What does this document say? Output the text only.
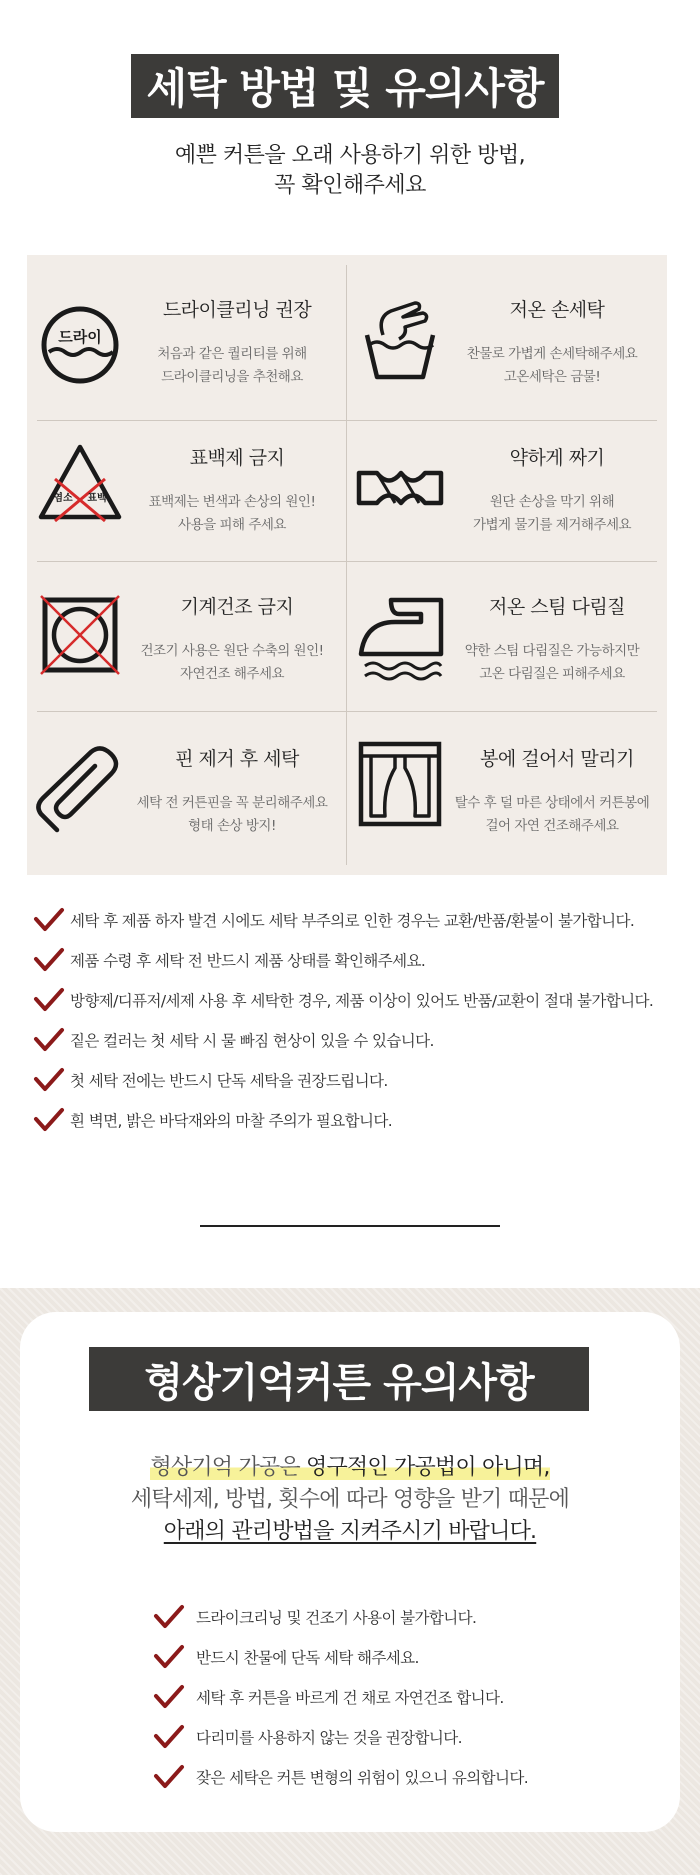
세탁 방법 및 유의사항
예쁜 커튼을 오래 사용하기 위한 방법,
꼭 확인해주세요
드라이
드라이클리닝 권장
처음과 같은 퀄리티를 위해
드라이클리닝을 추천해요
저온 손세탁
찬물로 가볍게 손세탁해주세요
고온세탁은 금물!
염소 표백
표백제 금지
표백제는 변색과 손상의 원인!
사용을 피해 주세요
약하게 짜기
원단 손상을 막기 위해
가볍게 물기를 제거해주세요
기계건조 금지
건조기 사용은 원단 수축의 원인!
자연건조 해주세요
저온 스팀 다림질
약한 스팀 다림질은 가능하지만
고온 다림질은 피해주세요
핀 제거 후 세탁
세탁 전 커튼핀을 꼭 분리해주세요
형태 손상 방지!
봉에 걸어서 말리기
탈수 후 덜 마른 상태에서 커튼봉에
걸어 자연 건조해주세요
세탁 후 제품 하자 발견 시에도 세탁 부주의로 인한 경우는 교환/반품/환불이 불가합니다.
제품 수령 후 세탁 전 반드시 제품 상태를 확인해주세요.
방향제/디퓨저/세제 사용 후 세탁한 경우, 제품 이상이 있어도 반품/교환이 절대 불가합니다.
짙은 컬러는 첫 세탁 시 물 빠짐 현상이 있을 수 있습니다.
첫 세탁 전에는 반드시 단독 세탁을 권장드립니다.
흰 벽면, 밝은 바닥재와의 마찰 주의가 필요합니다.
형상기억커튼 유의사항
형상기억 가공은 영구적인 가공법이 아니며,
세탁세제, 방법, 횟수에 따라 영향을 받기 때문에
아래의 관리방법을 지켜주시기 바랍니다.
드라이크리닝 및 건조기 사용이 불가합니다.
반드시 찬물에 단독 세탁 해주세요.
세탁 후 커튼을 바르게 건 채로 자연건조 합니다.
다리미를 사용하지 않는 것을 권장합니다.
잦은 세탁은 커튼 변형의 위험이 있으니 유의합니다.
